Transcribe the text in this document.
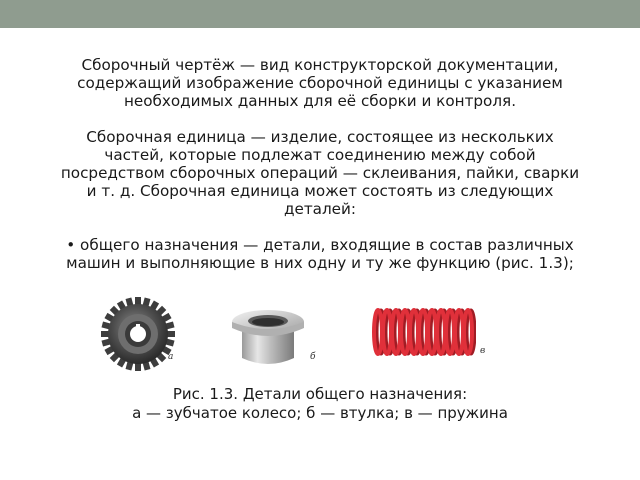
Сборочный чертёж — вид конструкторской документации, содержащий изображение сборочной единицы с указанием необходимых данных для её сборки и контроля.

Сборочная единица — изделие, состоящее из нескольких частей, которые подлежат соединению между собой посредством сборочных операций — склеивания, пайки, сварки и т. д. Сборочная единица может состоять из следующих деталей:

• общего назначения — детали, входящие в состав различных машин и выполняющие в них одну и ту же функцию (рис. 1.3);

а	б
в
Рис. 1.3. Детали общего назначения:
а — зубчатое колесо; б — втулка; в — пружина
